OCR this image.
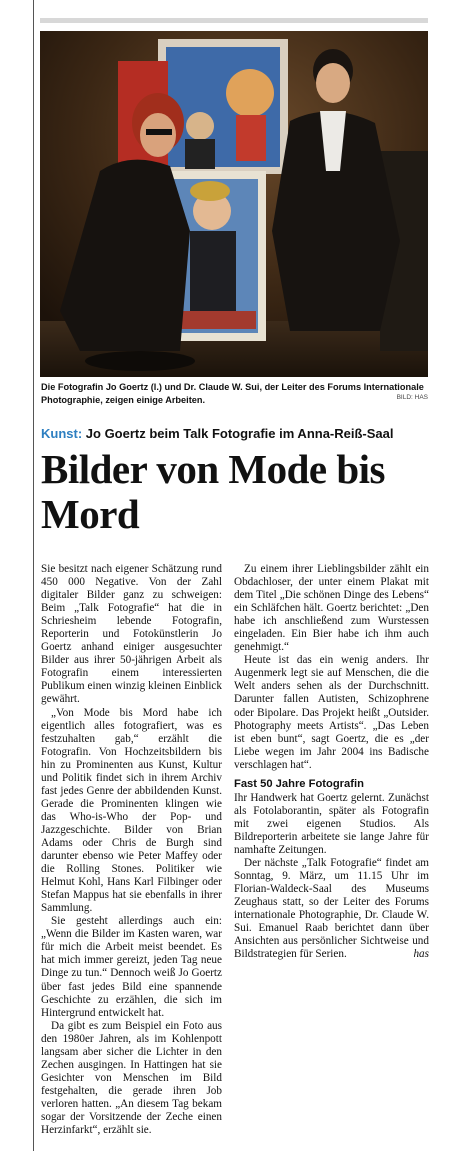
Die Fotografin Jo Goertz (l.) und Dr. Claude W. Sui, der Leiter des Forums Internationale Photographie, zeigen einige Arbeiten.	BILD: HAS
Kunst: Jo Goertz beim Talk Fotografie im Anna-Reiß-Saal
Bilder von Mode bis Mord

Sie besitzt nach eigener Schätzung rund 450 000 Negative. Von der Zahl digitaler Bilder ganz zu schweigen: Beim „Talk Fotografie“ hat die in Schriesheim lebende Fotografin, Reporterin und Fotokünstlerin Jo Goertz anhand einiger ausgesuchter Bilder aus ihrer 50-jährigen Arbeit als Fotografin einem interessierten Publikum einen winzig kleinen Einblick gewährt.

„Von Mode bis Mord habe ich eigentlich alles fotografiert, was es festzuhalten gab,“ erzählt die Fotografin. Von Hochzeitsbildern bis hin zu Prominenten aus Kunst, Kultur und Politik findet sich in ihrem Archiv fast jedes Genre der abbildenden Kunst. Gerade die Prominenten klingen wie das Who-is-Who der Pop- und Jazzgeschichte. Bilder von Brian Adams oder Chris de Burgh sind darunter ebenso wie Peter Maffey oder die Rolling Stones. Politiker wie Helmut Kohl, Hans Karl Filbinger oder Stefan Mappus hat sie ebenfalls in ihrer Sammlung.

Sie gesteht allerdings auch ein: „Wenn die Bilder im Kasten waren, war für mich die Arbeit meist beendet. Es hat mich immer gereizt, jeden Tag neue Dinge zu tun.“ Dennoch weiß Jo Goertz über fast jedes Bild eine spannende Geschichte zu erzählen, die sich im Hintergrund entwickelt hat.

Da gibt es zum Beispiel ein Foto aus den 1980er Jahren, als im Kohlenpott langsam aber sicher die Lichter in den Zechen ausgingen. In Hattingen hat sie Gesichter von Menschen im Bild festgehalten, die gerade ihren Job verloren hatten. „An diesem Tag bekam sogar der Vorsitzende der Zeche einen Herzinfarkt“, erzählt sie.

Zu einem ihrer Lieblingsbilder zählt ein Obdachloser, der unter einem Plakat mit dem Titel „Die schönen Dinge des Lebens“ ein Schläfchen hält. Goertz berichtet: „Den habe ich anschließend zum Wurstessen eingeladen. Ein Bier habe ich ihm auch genehmigt.“

Heute ist das ein wenig anders. Ihr Augenmerk legt sie auf Menschen, die die Welt anders sehen als der Durchschnitt. Darunter fallen Autisten, Schizophrene oder Bipolare. Das Projekt heißt „Outsider. Photography meets Artists“. „Das Leben ist eben bunt“, sagt Goertz, die es „der Liebe wegen im Jahr 2004 ins Badische verschlagen hat“.

Fast 50 Jahre Fotografin

Ihr Handwerk hat Goertz gelernt. Zunächst als Fotolaborantin, später als Fotografin mit zwei eigenen Studios. Als Bildreporterin arbeitete sie lange Jahre für namhafte Zeitungen.

Der nächste „Talk Fotografie“ findet am Sonntag, 9. März, um 11.15 Uhr im Florian-Waldeck-Saal des Museums Zeughaus statt, so der Leiter des Forums internationale Photographie, Dr. Claude W. Sui. Emanuel Raab berichtet dann über Ansichten aus persönlicher Sichtweise und Bildstrategien für Serien.	has
